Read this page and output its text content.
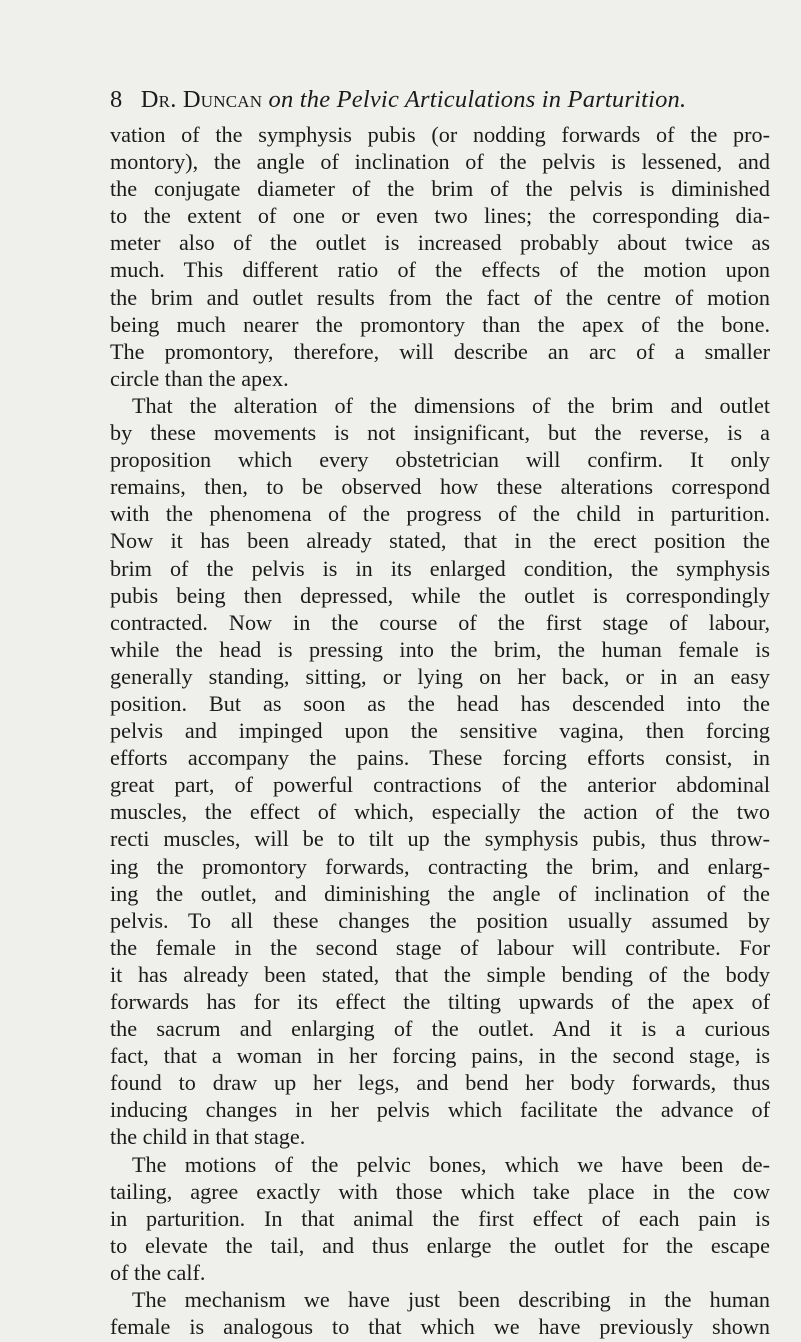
8 Dr. Duncan on the Pelvic Articulations in Parturition.
vation of the symphysis pubis (or nodding forwards of the pro-
montory), the angle of inclination of the pelvis is lessened, and
the conjugate diameter of the brim of the pelvis is diminished
to the extent of one or even two lines; the corresponding dia-
meter also of the outlet is increased probably about twice as
much. This different ratio of the effects of the motion upon
the brim and outlet results from the fact of the centre of motion
being much nearer the promontory than the apex of the bone.
The promontory, therefore, will describe an arc of a smaller
circle than the apex.
That the alteration of the dimensions of the brim and outlet
by these movements is not insignificant, but the reverse, is a
proposition which every obstetrician will confirm. It only
remains, then, to be observed how these alterations correspond
with the phenomena of the progress of the child in parturition.
Now it has been already stated, that in the erect position the
brim of the pelvis is in its enlarged condition, the symphysis
pubis being then depressed, while the outlet is correspondingly
contracted. Now in the course of the first stage of labour,
while the head is pressing into the brim, the human female is
generally standing, sitting, or lying on her back, or in an easy
position. But as soon as the head has descended into the
pelvis and impinged upon the sensitive vagina, then forcing
efforts accompany the pains. These forcing efforts consist, in
great part, of powerful contractions of the anterior abdominal
muscles, the effect of which, especially the action of the two
recti muscles, will be to tilt up the symphysis pubis, thus throw-
ing the promontory forwards, contracting the brim, and enlarg-
ing the outlet, and diminishing the angle of inclination of the
pelvis. To all these changes the position usually assumed by
the female in the second stage of labour will contribute. For
it has already been stated, that the simple bending of the body
forwards has for its effect the tilting upwards of the apex of
the sacrum and enlarging of the outlet. And it is a curious
fact, that a woman in her forcing pains, in the second stage, is
found to draw up her legs, and bend her body forwards, thus
inducing changes in her pelvis which facilitate the advance of
the child in that stage.
The motions of the pelvic bones, which we have been de-
tailing, agree exactly with those which take place in the cow
in parturition. In that animal the first effect of each pain is
to elevate the tail, and thus enlarge the outlet for the escape
of the calf.
The mechanism we have just been describing in the human
female is analogous to that which we have previously shown
